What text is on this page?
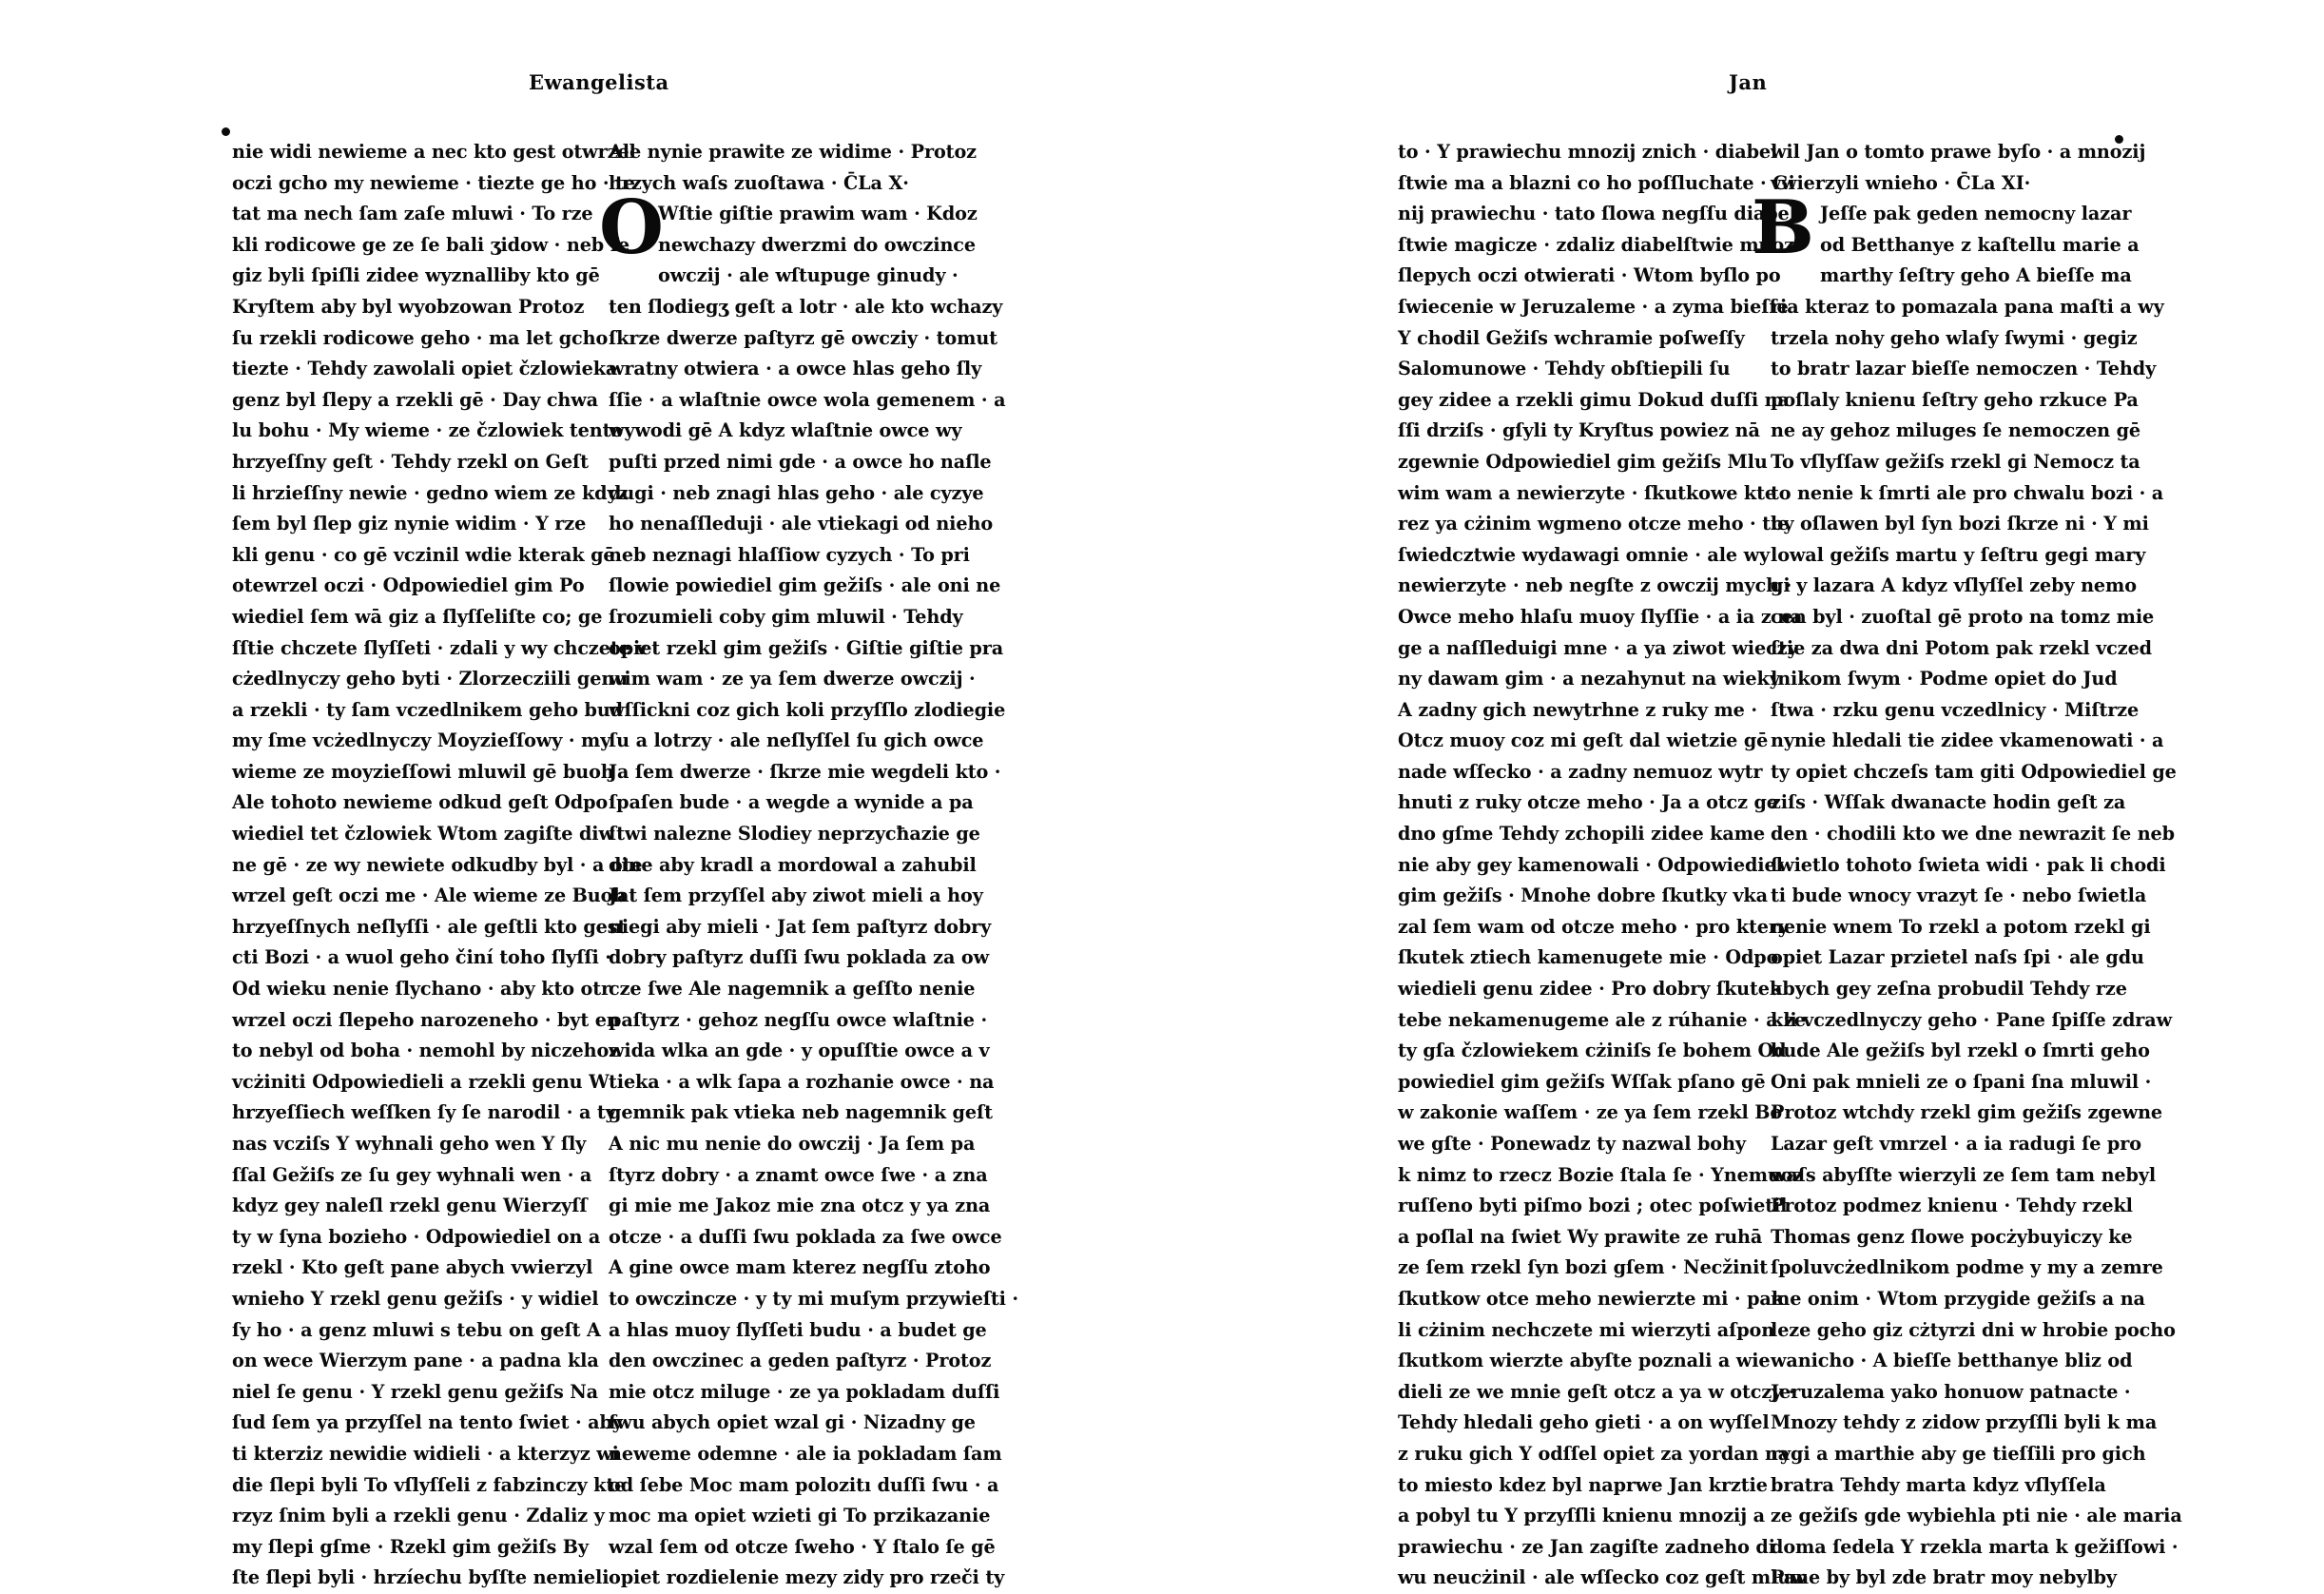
Ewangelista
nie widi newieme a nec kto gest otwrzel
oczi gcho my newieme · tiezte ge ho · te
tat ma nech ſam zaſe mluwi · To rze
kli rodicowe ge ze ſe bali ʒidow · neb ſe
giz byli ſpiſli zidee wyznalliby kto gē
Kryſtem aby byl wyobzowan Protoz
ſu rzekli rodicowe geho · ma let gcho
tiezte · Tehdy zawolali opiet čzlowieka
genz byl ſlepy a rzekli gē · Day chwa
lu bohu · My wieme · ze čzlowiek tento
hrzyeſſny geſt · Tehdy rzekl on Geſt
li hrzieſſny newie · gedno wiem ze kdyz
ſem byl ſlep giz nynie widim · Y rze
kli genu · co gē vczinil wdie kterak gē
otewrzel oczi · Odpowiediel gim Po
wiediel ſem wā giz a ſlyſſeliſte co; ge
ſſtie chczete ſlyſſeti · zdali y wy chczete v
cżedlnyczy geho byti · Zlorzecziili genu
a rzekli · ty ſam vczedlnikem geho bud
my ſme vcżedlnyczy Moyzieſſowy · my
wieme ze moyzieſſowi mluwil gē buoh
Ale tohoto newieme odkud geſt Odpo
wiediel tet čzlowiek Wtom zagiſte diw
ne gē · ze wy newiete odkudby byl · a ote
wrzel geſt oczi me · Ale wieme ze Buoh
hrzyeſſnych neſlyſſi · ale geſtli kto gest
cti Bozi · a wuol geho činí toho ſlyſſi ·
Od wieku nenie ſlychano · aby kto otr
wrzel oczi ſlepeho narozeneho · byt en
to nebyl od boha · nemohl by niczehoz
vcżiniti Odpowiedieli a rzekli genu W
hrzyeſſiech weſſken ſy ſe narodil · a ty
nas vcziſs Y wyhnali geho wen Y ſly
ſſal Gežiſs ze ſu gey wyhnali wen · a
kdyz gey naleſl rzekl genu Wierzyſſ
ty w ſyna bozieho · Odpowiediel on a
rzekl · Kto geſt pane abych vwierzyl
wnieho Y rzekl genu gežiſs · y widiel
ſy ho · a genz mluwi s tebu on geſt A
on wece Wierzym pane · a padna kla
niel ſe genu · Y rzekl genu gežiſs Na
ſud ſem ya przyſſel na tento ſwiet · aby
ti kterziz newidie widieli · a kterzyz wi
die ſlepi byli To vſlyſſeli z fabzinczy kte
rzyz ſnim byli a rzekli genu · Zdaliz y
my ſlepi gſme · Rzekl gim gežiſs By
ſte ſlepi byli · hrzíechu byſſte nemieli
O
Ale nynie prawite ze widime · Protoz
hrzych waſs zuoſtawa · C̄La X·
Wſtie giſtie prawim wam · Kdoz
newchazy dwerzmi do owczince
owczij · ale wſtupuge ginudy ·
ten ſlodiegʒ geſt a lotr · ale kto wchazy
ſkrze dwerze paſtyrz gē owcziy · tomut
wratny otwiera · a owce hlas geho ſly
ſſie · a wlaſtnie owce wola gemenem · a
wywodi gē A kdyz wlaſtnie owce wy
puſti przed nimi gde · a owce ho naſle
dugi · neb znagi hlas geho · ale cyzye
ho nenaſſleduji · ale vtiekagi od nieho
neb neznagi hlaſſiow cyzych · To pri
ſlowie powiediel gim gežiſs · ale oni ne
ſrozumieli coby gim mluwil · Tehdy
opiet rzekl gim gežiſs · Giſtie giſtie pra
wim wam · ze ya ſem dwerze owczij ·
wſſickni coz gich koli przyſſlo zlodiegie
ſu a lotrzy · ale neſlyſſel ſu gich owce
Ja ſem dwerze · ſkrze mie wegdeli kto ·
ſpaſen bude · a wegde a wynide a pa
ſtwi nalezne Slodiey neprzycħazie ge
dine aby kradl a mordowal a zahubil
Jat ſem przyſſel aby ziwot mieli a hoy
niegi aby mieli · Jat ſem paſtyrz dobry
dobry paſtyrz duſſi ſwu poklada za ow
cze ſwe Ale nagemnik a geſſto nenie
paſtyrz · gehoz negſſu owce wlaſtnie ·
wida wlka an gde · y opuſſtie owce a v
tieka · a wlk ſapa a rozhanie owce · na
gemnik pak vtieka neb nagemnik geſt
A nic mu nenie do owczij · Ja ſem pa
ſtyrz dobry · a znamt owce ſwe · a zna
gi mie me Jakoz mie zna otcz y ya zna
otcze · a duſſi ſwu poklada za ſwe owce
A gine owce mam kterez negſſu ztoho
to owczincze · y ty mi muſym przywieſti ·
a hlas muoy ſlyſſeti budu · a budet ge
den owczinec a geden paſtyrz · Protoz
mie otcz miluge · ze ya pokladam duſſi
ſwu abych opiet wzal gi · Nizadny ge
neweme odemne · ale ia pokladam ſam
od ſebe Moc mam polozitı duſſi ſwu · a
moc ma opiet wzieti gi To przikazanie
wzal ſem od otcze ſweho · Y ſtalo ſe gē
opiet rozdielenie mezy zidy pro rzeči ty
Jan
to · Y prawiechu mnozij znich · diabel
ſtwie ma a blazni co ho poſſluchate · Gi
nij prawiechu · tato ſlowa negſſu diabel
ſtwie magicze · zdaliz diabelſtwie muoz
ſlepych oczi otwierati · Wtom byſlo po
ſwiecenie w Jeruzaleme · a zyma bieſſe
Y chodil Gežiſs wchramie poſweſſy
Salomunowe · Tehdy obſtiepili ſu
gey zidee a rzekli gimu Dokud duſſi na
ſſi drziſs · gſyli ty Kryſtus powiez nā
zgewnie Odpowiediel gim gežiſs Mlu
wim wam a newierzyte · ſkutkowe kte
rez ya cżinim wgmeno otcze meho · tie
ſwiedcztwie wydawagi omnie · ale wy
newierzyte · neb negſte z owczij mych ·
Owce meho hlaſu muoy ſlyſſie · a ia z na
ge a naſſleduigi mne · a ya ziwot wieczy
ny dawam gim · a nezahynut na wieky
A zadny gich newytrhne z ruky me ·
Otcz muoy coz mi geſt dal wietzie gē
nade wſſecko · a zadny nemuoz wytr
hnuti z ruky otcze meho · Ja a otcz ge
dno gſme Tehdy zchopili zidee kame
nie aby gey kamenowali · Odpowiediel
gim gežiſs · Mnohe dobre ſkutky vka
zal ſem wam od otcze meho · pro ktery
ſkutek ztiech kamenugete mie · Odpo
wiedieli genu zidee · Pro dobry ſkutek
tebe nekamenugeme ale z rúhanie · a ze
ty gſa čzlowiekem cżiniſs ſe bohem Od
powiediel gim gežiſs Wſſak pſano gē
w zakonie waſſem · ze ya ſem rzekl Bo
we gſte · Ponewadz ty nazwal bohy
k nimz to rzecz Bozie ſtala ſe · Ynemuoz
ruſſeno byti piſmo bozi ; otec poſwietil
a poſlal na ſwiet Wy prawite ze ruhā
ze ſem rzekl ſyn bozi gſem · Necžinit
ſkutkow otce meho newierzte mi · pak
li cżinim nechczete mi wierzyti aſpon
ſkutkom wierzte abyſte poznali a wie
dieli ze we mnie geſt otcz a ya w otczy ·
Tehdy hledali geho gieti · a on wyſſel
z ruku gich Y odſſel opiet za yordan na
to miesto kdez byl naprwe Jan krztie
a pobyl tu Y przyſſli knienu mnozij a
prawiechu · ze Jan zagiſte zadneho di
wu neucżinil · ale wſſecko coz geſt mluw
B
wil Jan o tomto prawe byſo · a mnozij
vwierzyli wnieho · C̄La XI·
Jeſſe pak geden nemocny lazar
od Betthanye z kaſtellu marie a
marthy ſeſtry geho A bieſſe ma
ria kteraz to pomazala pana maſti a wy
trzela nohy geho wlaſy ſwymi · gegiz
to bratr lazar bieſſe nemoczen · Tehdy
poſlaly knienu ſeſtry geho rzkuce Pa
ne ay gehoz miluges ſe nemoczen gē
To vſlyſſaw gežiſs rzekl gi Nemocz ta
to nenie k ſmrti ale pro chwalu bozi · a
by oſlawen byl ſyn bozi ſkrze ni · Y mi
lowal gežiſs martu y ſeſtru gegi mary
gi y lazara A kdyz vſlyſſel zeby nemo
cen byl · zuoſtal gē proto na tomz mie
ſtie za dwa dni Potom pak rzekl vczed
lnikom ſwym · Podme opiet do Jud
ſtwa · rzku genu vczedlnicy · Miſtrze
nynie hledali tie zidee vkamenowati · a
ty opiet chczeſs tam giti Odpowiediel ge
ziſs · Wſſak dwanacte hodin geſt za
den · chodili kto we dne newrazit ſe neb
ſwietlo tohoto ſwieta widi · pak li chodi
ti bude wnocy vrazyt ſe · nebo ſwietla
nenie wnem To rzekl a potom rzekl gi
opiet Lazar przietel naſs ſpi · ale gdu
abych gey zeſna probudil Tehdy rze
kli vczedlnyczy geho · Pane ſpiſſe zdraw
bude Ale gežiſs byl rzekl o ſmrti geho
Oni pak mnieli ze o ſpani ſna mluwil ·
Protoz wtchdy rzekl gim gežiſs zgewne
Lazar geſt vmrzel · a ia radugi ſe pro
waſs abyſſte wierzyli ze ſem tam nebyl
Protoz podmez knienu · Tehdy rzekl
Thomas genz ſlowe pocżybuyiczy ke
ſpoluvcżedlnikom podme y my a zemre
me onim · Wtom przygide gežiſs a na
leze geho giz cżtyrzi dni w hrobie pocho
wanicho · A bieſſe betthanye bliz od
Jeruzalema yako honuow patnacte ·
Mnozy tehdy z zidow przyſſli byli k ma
rygi a marthie aby ge tieſſili pro gich
bratra Tehdy marta kdyz vſlyſſela
ze gežiſs gde wybiehla pti nie · ale maria
doma ſedela Y rzekla marta k gežiſſowi ·
Pane by byl zde bratr moy nebylby
